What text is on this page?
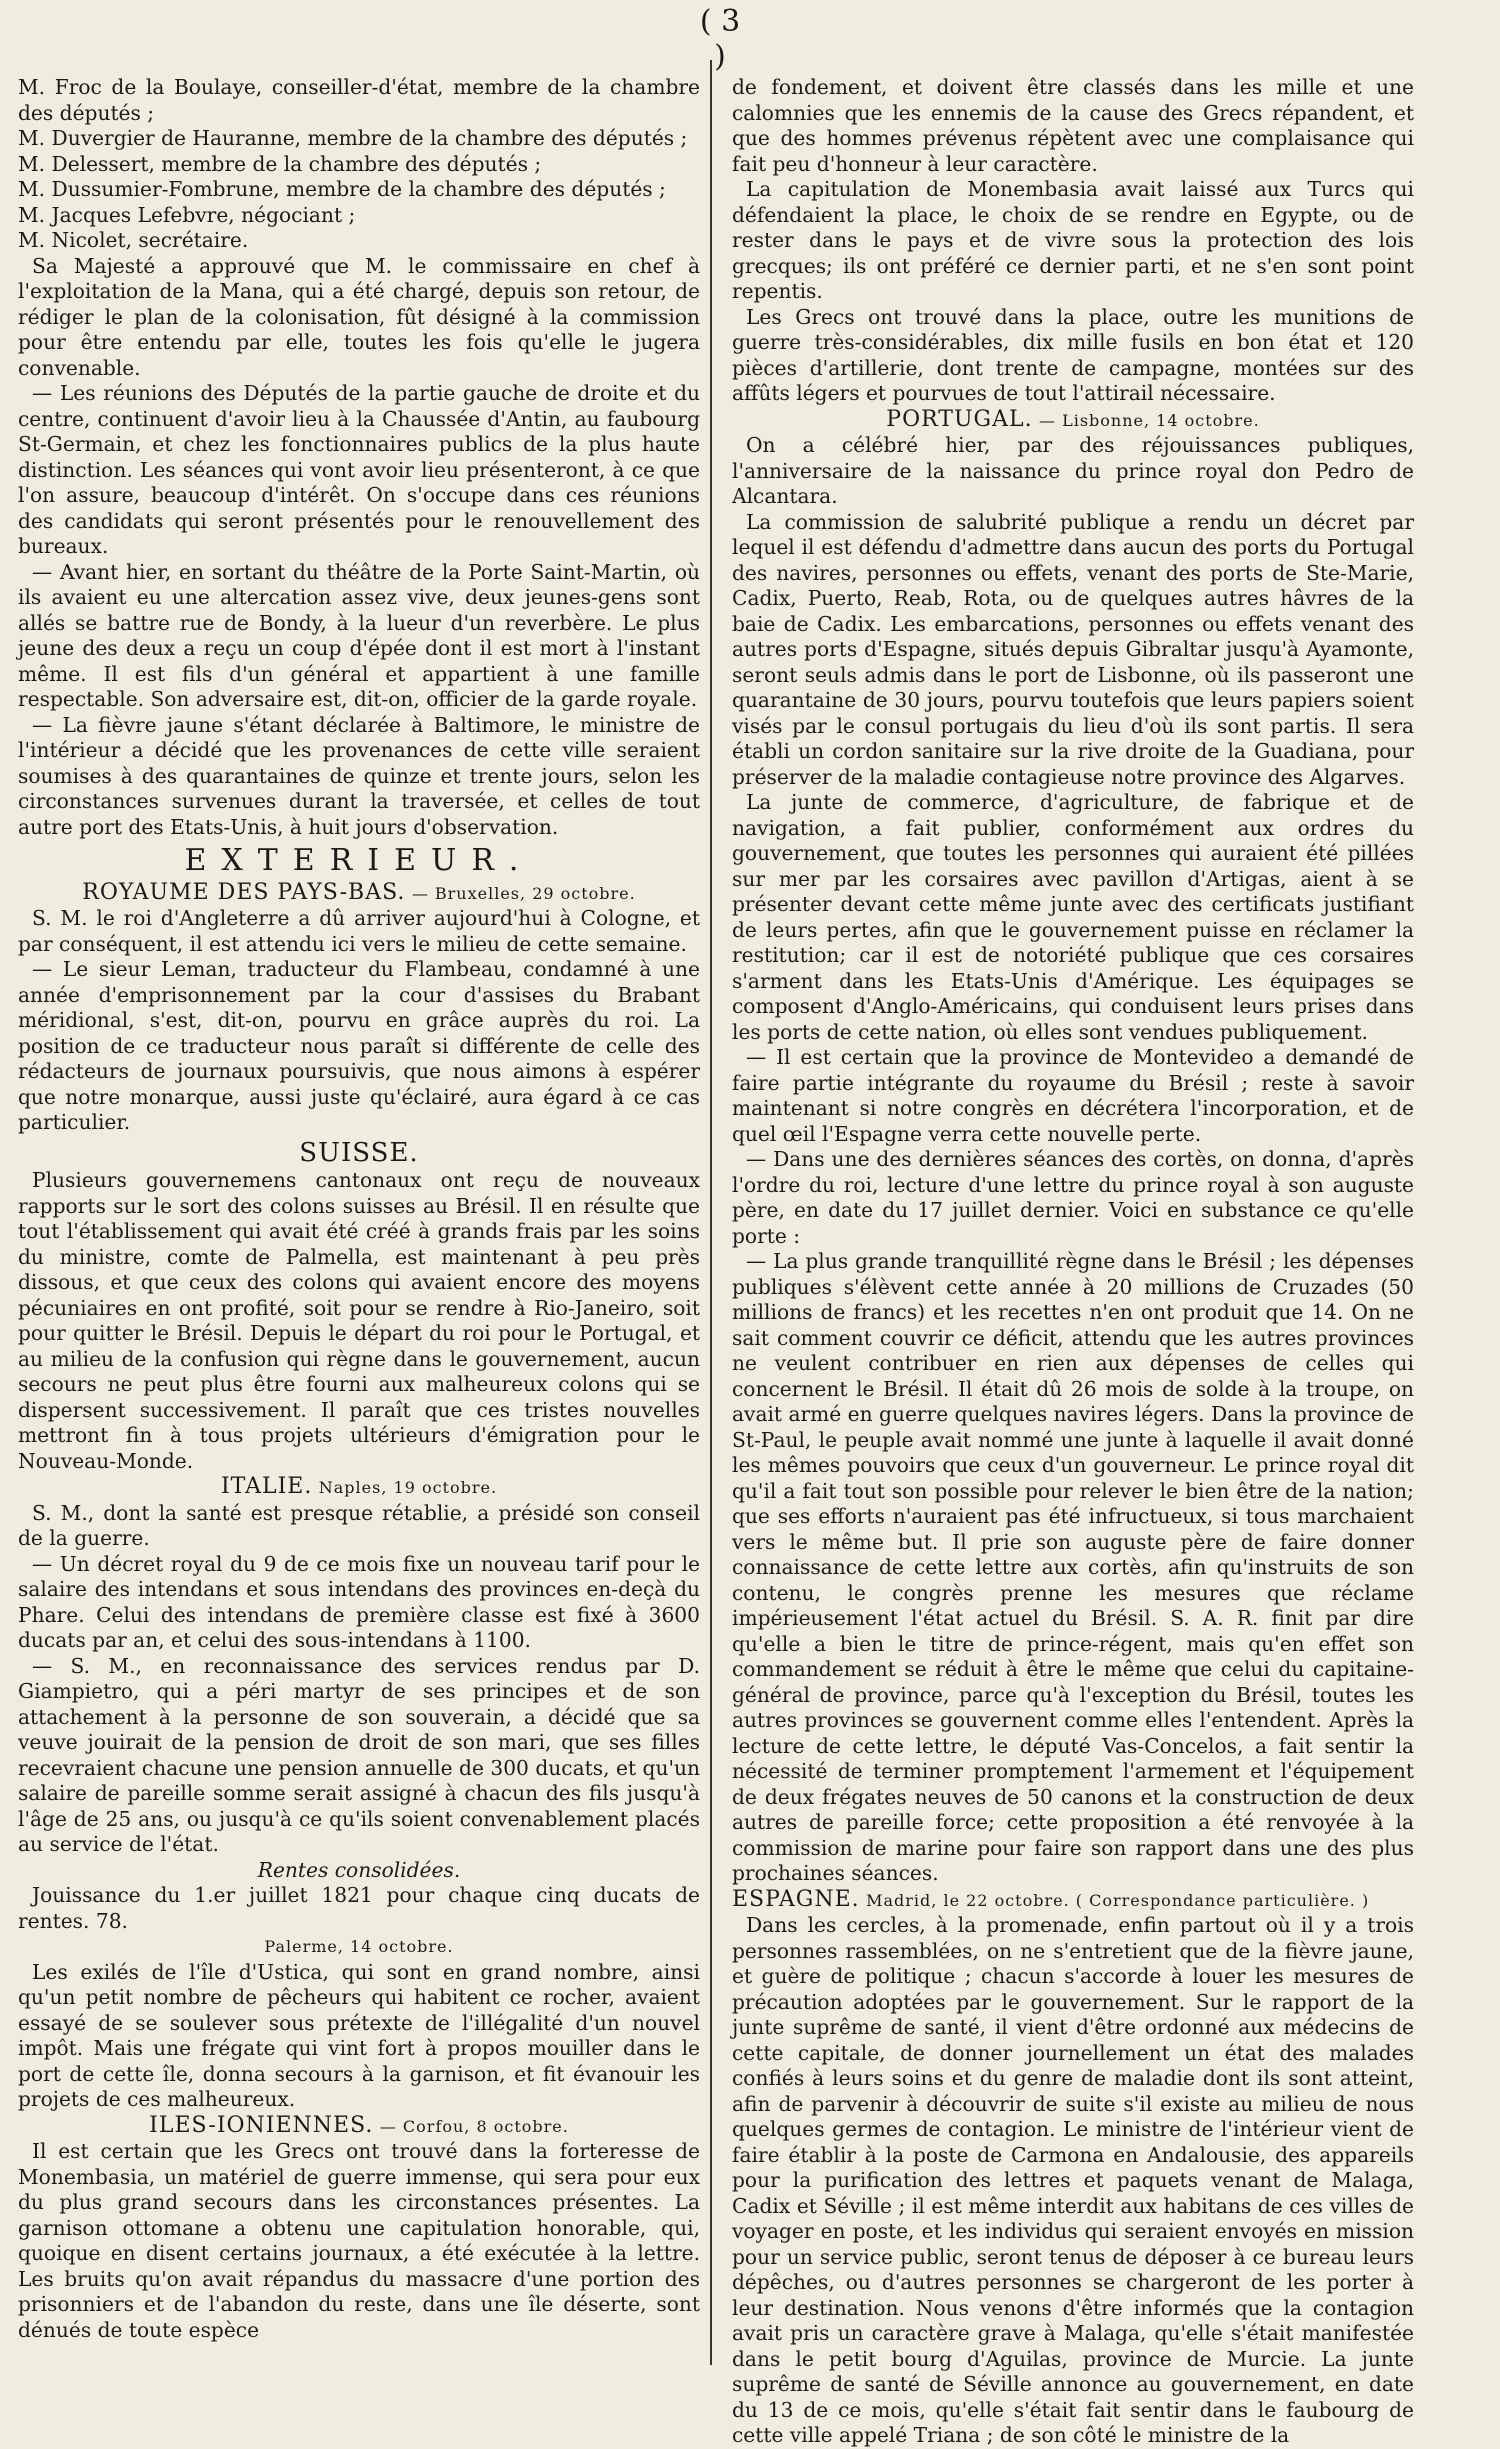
( 3 )

M. Froc de la Boulaye, conseiller-d'état, membre de la chambre des députés ;

M. Duvergier de Hauranne, membre de la chambre des députés ;

M. Delessert, membre de la chambre des députés ;

M. Dussumier-Fombrune, membre de la chambre des députés ;

M. Jacques Lefebvre, négociant ;

M. Nicolet, secrétaire.

Sa Majesté a approuvé que M. le commissaire en chef à l'exploitation de la Mana, qui a été chargé, depuis son retour, de rédiger le plan de la colonisation, fût désigné à la commission pour être entendu par elle, toutes les fois qu'elle le jugera convenable.

— Les réunions des Députés de la partie gauche de droite et du centre, continuent d'avoir lieu à la Chaussée d'Antin, au faubourg St-Germain, et chez les fonctionnaires publics de la plus haute distinction. Les séances qui vont avoir lieu présenteront, à ce que l'on assure, beaucoup d'intérêt. On s'occupe dans ces réunions des candidats qui seront présentés pour le renouvellement des bureaux.

— Avant hier, en sortant du théâtre de la Porte Saint-Martin, où ils avaient eu une altercation assez vive, deux jeunes-gens sont allés se battre rue de Bondy, à la lueur d'un reverbère. Le plus jeune des deux a reçu un coup d'épée dont il est mort à l'instant même. Il est fils d'un général et appartient à une famille respectable. Son adversaire est, dit-on, officier de la garde royale.

— La fièvre jaune s'étant déclarée à Baltimore, le ministre de l'intérieur a décidé que les provenances de cette ville seraient soumises à des quarantaines de quinze et trente jours, selon les circonstances survenues durant la traversée, et celles de tout autre port des Etats-Unis, à huit jours d'observation.

EXTERIEUR.
ROYAUME DES PAYS-BAS. — Bruxelles, 29 octobre.

S. M. le roi d'Angleterre a dû arriver aujourd'hui à Cologne, et par conséquent, il est attendu ici vers le milieu de cette semaine.

— Le sieur Leman, traducteur du Flambeau, condamné à une année d'emprisonnement par la cour d'assises du Brabant méridional, s'est, dit-on, pourvu en grâce auprès du roi. La position de ce traducteur nous paraît si différente de celle des rédacteurs de journaux poursuivis, que nous aimons à espérer que notre monarque, aussi juste qu'éclairé, aura égard à ce cas particulier.

SUISSE.

Plusieurs gouvernemens cantonaux ont reçu de nouveaux rapports sur le sort des colons suisses au Brésil. Il en résulte que tout l'établissement qui avait été créé à grands frais par les soins du ministre, comte de Palmella, est maintenant à peu près dissous, et que ceux des colons qui avaient encore des moyens pécuniaires en ont profité, soit pour se rendre à Rio-Janeiro, soit pour quitter le Brésil. Depuis le départ du roi pour le Portugal, et au milieu de la confusion qui règne dans le gouvernement, aucun secours ne peut plus être fourni aux malheureux colons qui se dispersent successivement. Il paraît que ces tristes nouvelles mettront fin à tous projets ultérieurs d'émigration pour le Nouveau-Monde.

ITALIE. Naples, 19 octobre.

S. M., dont la santé est presque rétablie, a présidé son conseil de la guerre.

— Un décret royal du 9 de ce mois fixe un nouveau tarif pour le salaire des intendans et sous intendans des provinces en-deçà du Phare. Celui des intendans de première classe est fixé à 3600 ducats par an, et celui des sous-intendans à 1100.

— S. M., en reconnaissance des services rendus par D. Giampietro, qui a péri martyr de ses principes et de son attachement à la personne de son souverain, a décidé que sa veuve jouirait de la pension de droit de son mari, que ses filles recevraient chacune une pension annuelle de 300 ducats, et qu'un salaire de pareille somme serait assigné à chacun des fils jusqu'à l'âge de 25 ans, ou jusqu'à ce qu'ils soient convenablement placés au service de l'état.

Rentes consolidées.

Jouissance du 1.er juillet 1821 pour chaque cinq ducats de rentes. 78.

Palerme, 14 octobre.

Les exilés de l'île d'Ustica, qui sont en grand nombre, ainsi qu'un petit nombre de pêcheurs qui habitent ce rocher, avaient essayé de se soulever sous prétexte de l'illégalité d'un nouvel impôt. Mais une frégate qui vint fort à propos mouiller dans le port de cette île, donna secours à la garnison, et fit évanouir les projets de ces malheureux.

ILES-IONIENNES. — Corfou, 8 octobre.

Il est certain que les Grecs ont trouvé dans la forteresse de Monembasia, un matériel de guerre immense, qui sera pour eux du plus grand secours dans les circonstances présentes. La garnison ottomane a obtenu une capitulation honorable, qui, quoique en disent certains journaux, a été exécutée à la lettre. Les bruits qu'on avait répandus du massacre d'une portion des prisonniers et de l'abandon du reste, dans une île déserte, sont dénués de toute espèce

de fondement, et doivent être classés dans les mille et une calomnies que les ennemis de la cause des Grecs répandent, et que des hommes prévenus répètent avec une complaisance qui fait peu d'honneur à leur caractère.

La capitulation de Monembasia avait laissé aux Turcs qui défendaient la place, le choix de se rendre en Egypte, ou de rester dans le pays et de vivre sous la protection des lois grecques; ils ont préféré ce dernier parti, et ne s'en sont point repentis.

Les Grecs ont trouvé dans la place, outre les munitions de guerre très-considérables, dix mille fusils en bon état et 120 pièces d'artillerie, dont trente de campagne, montées sur des affûts légers et pourvues de tout l'attirail nécessaire.

PORTUGAL. — Lisbonne, 14 octobre.

On a célébré hier, par des réjouissances publiques, l'anniversaire de la naissance du prince royal don Pedro de Alcantara.

La commission de salubrité publique a rendu un décret par lequel il est défendu d'admettre dans aucun des ports du Portugal des navires, personnes ou effets, venant des ports de Ste-Marie, Cadix, Puerto, Reab, Rota, ou de quelques autres hâvres de la baie de Cadix. Les embarcations, personnes ou effets venant des autres ports d'Espagne, situés depuis Gibraltar jusqu'à Ayamonte, seront seuls admis dans le port de Lisbonne, où ils passeront une quarantaine de 30 jours, pourvu toutefois que leurs papiers soient visés par le consul portugais du lieu d'où ils sont partis. Il sera établi un cordon sanitaire sur la rive droite de la Guadiana, pour préserver de la maladie contagieuse notre province des Algarves.

La junte de commerce, d'agriculture, de fabrique et de navigation, a fait publier, conformément aux ordres du gouvernement, que toutes les personnes qui auraient été pillées sur mer par les corsaires avec pavillon d'Artigas, aient à se présenter devant cette même junte avec des certificats justifiant de leurs pertes, afin que le gouvernement puisse en réclamer la restitution; car il est de notoriété publique que ces corsaires s'arment dans les Etats-Unis d'Amérique. Les équipages se composent d'Anglo-Américains, qui conduisent leurs prises dans les ports de cette nation, où elles sont vendues publiquement.

— Il est certain que la province de Montevideo a demandé de faire partie intégrante du royaume du Brésil ; reste à savoir maintenant si notre congrès en décrétera l'incorporation, et de quel œil l'Espagne verra cette nouvelle perte.

— Dans une des dernières séances des cortès, on donna, d'après l'ordre du roi, lecture d'une lettre du prince royal à son auguste père, en date du 17 juillet dernier. Voici en substance ce qu'elle porte :

— La plus grande tranquillité règne dans le Brésil ; les dépenses publiques s'élèvent cette année à 20 millions de Cruzades (50 millions de francs) et les recettes n'en ont produit que 14. On ne sait comment couvrir ce déficit, attendu que les autres provinces ne veulent contribuer en rien aux dépenses de celles qui concernent le Brésil. Il était dû 26 mois de solde à la troupe, on avait armé en guerre quelques navires légers. Dans la province de St-Paul, le peuple avait nommé une junte à laquelle il avait donné les mêmes pouvoirs que ceux d'un gouverneur. Le prince royal dit qu'il a fait tout son possible pour relever le bien être de la nation; que ses efforts n'auraient pas été infructueux, si tous marchaient vers le même but. Il prie son auguste père de faire donner connaissance de cette lettre aux cortès, afin qu'instruits de son contenu, le congrès prenne les mesures que réclame impérieusement l'état actuel du Brésil. S. A. R. finit par dire qu'elle a bien le titre de prince-régent, mais qu'en effet son commandement se réduit à être le même que celui du capitaine-général de province, parce qu'à l'exception du Brésil, toutes les autres provinces se gouvernent comme elles l'entendent. Après la lecture de cette lettre, le député Vas-Concelos, a fait sentir la nécessité de terminer promptement l'armement et l'équipement de deux frégates neuves de 50 canons et la construction de deux autres de pareille force; cette proposition a été renvoyée à la commission de marine pour faire son rapport dans une des plus prochaines séances.

ESPAGNE. Madrid, le 22 octobre. ( Correspondance particulière. )

Dans les cercles, à la promenade, enfin partout où il y a trois personnes rassemblées, on ne s'entretient que de la fièvre jaune, et guère de politique ; chacun s'accorde à louer les mesures de précaution adoptées par le gouvernement. Sur le rapport de la junte suprême de santé, il vient d'être ordonné aux médecins de cette capitale, de donner journellement un état des malades confiés à leurs soins et du genre de maladie dont ils sont atteint, afin de parvenir à découvrir de suite s'il existe au milieu de nous quelques germes de contagion. Le ministre de l'intérieur vient de faire établir à la poste de Carmona en Andalousie, des appareils pour la purification des lettres et paquets venant de Malaga, Cadix et Séville ; il est même interdit aux habitans de ces villes de voyager en poste, et les individus qui seraient envoyés en mission pour un service public, seront tenus de déposer à ce bureau leurs dépêches, ou d'autres personnes se chargeront de les porter à leur destination. Nous venons d'être informés que la contagion avait pris un caractère grave à Malaga, qu'elle s'était manifestée dans le petit bourg d'Aguilas, province de Murcie. La junte suprême de santé de Séville annonce au gouvernement, en date du 13 de ce mois, qu'elle s'était fait sentir dans le faubourg de cette ville appelé Triana ; de son côté le ministre de la
